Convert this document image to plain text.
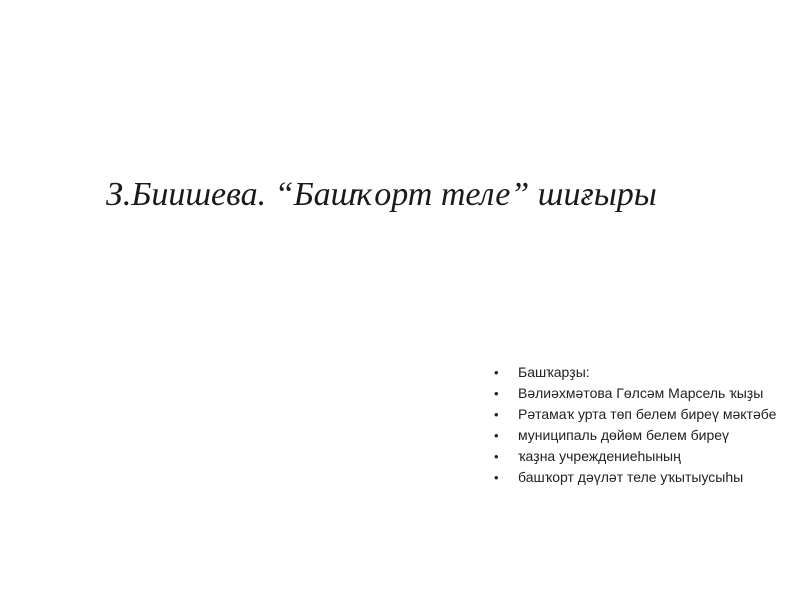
З.Биишева. “Башҡорт теле” шиғыры
•	Башҡарҙы:
•	Вәлиәхмәтова Гөлсәм Марсель ҡыҙы
•	Рәтамаҡ урта төп белем биреү мәктәбе
•	муниципаль дөйөм белем биреү
•	ҡаҙна учреждениеһының
•	башҡорт дәүләт теле уҡытыусыһы
